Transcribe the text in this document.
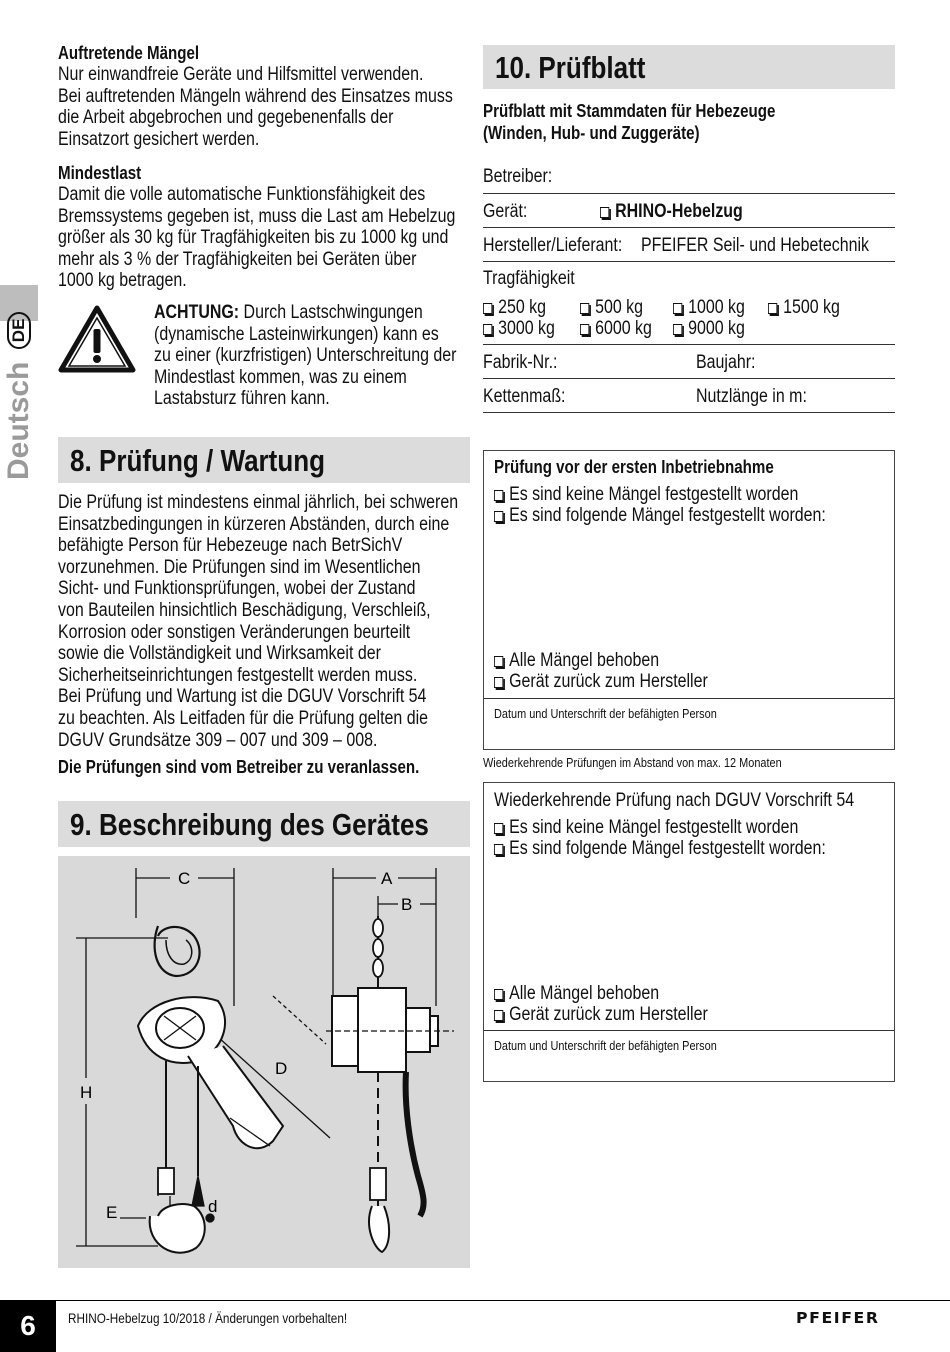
Deutsch DE
Auftretende Mängel
Nur einwandfreie Geräte und Hilfsmittel verwenden.
Bei auftretenden Mängeln während des Einsatzes muss
die Arbeit abgebrochen und gegebenenfalls der
Einsatzort gesichert werden.
Mindestlast
Damit die volle automatische Funktionsfähigkeit des
Bremssystems gegeben ist, muss die Last am Hebelzug
größer als 30 kg für Tragfähigkeiten bis zu 1000 kg und
mehr als 3 % der Tragfähigkeiten bei Geräten über
1000 kg betragen.
ACHTUNG: Durch Lastschwingungen
(dynamische Lasteinwirkungen) kann es
zu einer (kurzfristigen) Unterschreitung der
Mindestlast kommen, was zu einem
Lastabsturz führen kann.
8. Prüfung / Wartung
Die Prüfung ist mindestens einmal jährlich, bei schweren
Einsatzbedingungen in kürzeren Abständen, durch eine
befähigte Person für Hebezeuge nach BetrSichV
vorzunehmen. Die Prüfungen sind im Wesentlichen
Sicht- und Funktionsprüfungen, wobei der Zustand
von Bauteilen hinsichtlich Beschädigung, Verschleiß,
Korrosion oder sonstigen Veränderungen beurteilt
sowie die Vollständigkeit und Wirksamkeit der
Sicherheitseinrichtungen festgestellt werden muss.
Bei Prüfung und Wartung ist die DGUV Vorschrift 54
zu beachten. Als Leitfaden für die Prüfung gelten die
DGUV Grundsätze 309 – 007 und 309 – 008.
Die Prüfungen sind vom Betreiber zu veranlassen.
9. Beschreibung des Gerätes
C	A
B
D
H
E	d
10. Prüfblatt
Prüfblatt mit Stammdaten für Hebezeuge
(Winden, Hub- und Zuggeräte)
Betreiber:
Gerät:	RHINO-Hebelzug
Hersteller/Lieferant: PFEIFER Seil- und Hebetechnik
Tragfähigkeit
250 kg	500 kg	1000 kg	1500 kg
3000 kg	6000 kg	9000 kg
Fabrik-Nr.:	Baujahr:
Kettenmaß:	Nutzlänge in m:
Prüfung vor der ersten Inbetriebnahme
Es sind keine Mängel festgestellt worden
Es sind folgende Mängel festgestellt worden:
Alle Mängel behoben
Gerät zurück zum Hersteller
Datum und Unterschrift der befähigten Person
Wiederkehrende Prüfungen im Abstand von max. 12 Monaten
Wiederkehrende Prüfung nach DGUV Vorschrift 54
Es sind keine Mängel festgestellt worden
Es sind folgende Mängel festgestellt worden:
Alle Mängel behoben
Gerät zurück zum Hersteller
Datum und Unterschrift der befähigten Person
6	RHINO-Hebelzug 10/2018 / Änderungen vorbehalten!	PFEIFER
